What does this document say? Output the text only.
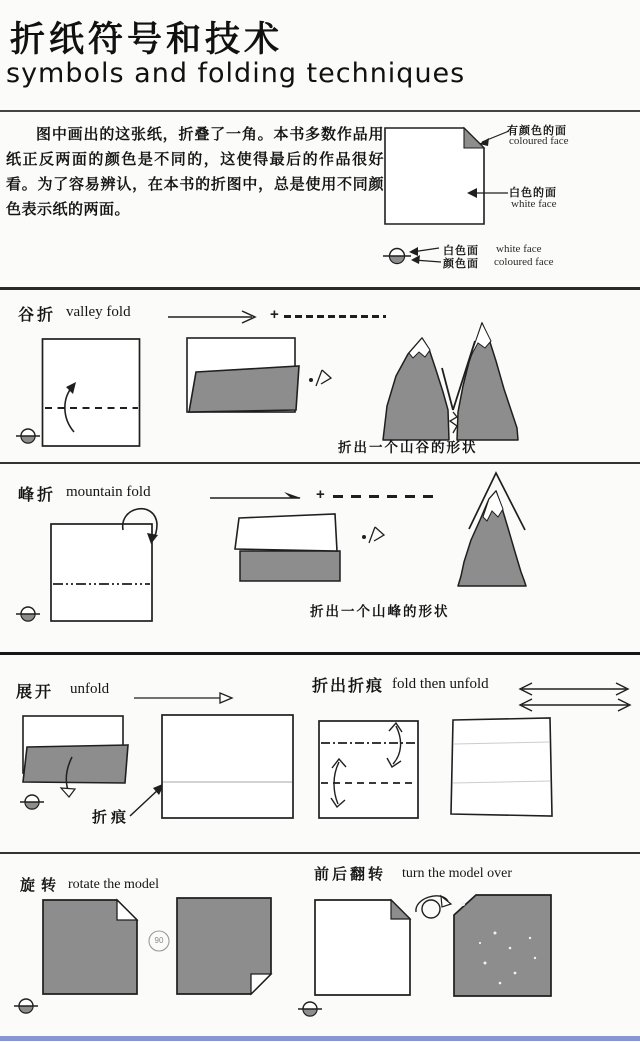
折纸符号和技术
symbols and folding techniques
图中画出的这张纸，折叠了一角。本书多数作品用纸正反两面的颜色是不同的，这使得最后的作品很好看。为了容易辨认，在本书的折图中，总是使用不同颜色表示纸的两面。
有颜色的面
coloured face
白色的面
white face
白色面 white face
颜色面 coloured face
谷折 valley fold	+
折出一个山谷的形状
峰折 mountain fold	+
折出一个山峰的形状
展开 unfold	折出折痕 fold then unfold
折痕
旋转 rotate the model
前后翻转 turn the model over
90
